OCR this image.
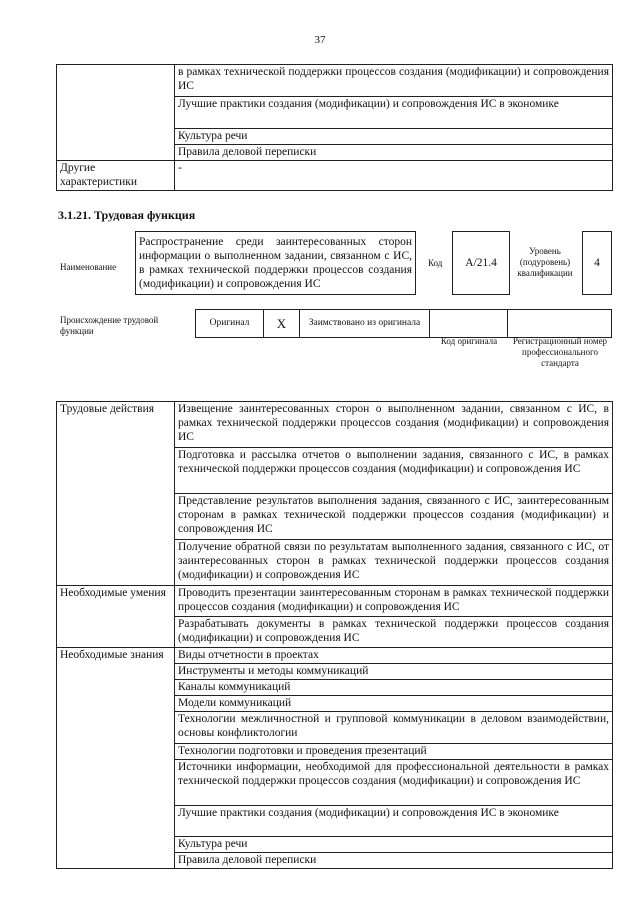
37
	в рамках технической поддержки процессов создания (модификации) и сопровождения ИС
	Лучшие практики создания (модификации) и сопровождения ИС в экономике
	Культура речи
	Правила деловой переписки
Другие характеристики	-
3.1.21. Трудовая функция
Наименование
Распространение среди заинтересованных сторон информации о выполненном задании, связанном с ИС, в рамках технической поддержки процессов создания (модификации) и сопровождения ИС
Код	A/21.4
Уровень (подуровень) квалификации
4
Происхождение трудовой функции
Оригинал	X	Заимствовано из оригинала		
Код оригинала	Регистрационный номер профессионального стандарта
Трудовые действия	Извещение заинтересованных сторон о выполненном задании, связанном с ИС, в рамках технической поддержки процессов создания (модификации) и сопровождения ИС
	Подготовка и рассылка отчетов о выполнении задания, связанного с ИС, в рамках технической поддержки процессов создания (модификации) и сопровождения ИС
	Представление результатов выполнения задания, связанного с ИС, заинтересованным сторонам в рамках технической поддержки процессов создания (модификации) и сопровождения ИС
	Получение обратной связи по результатам выполненного задания, связанного с ИС, от заинтересованных сторон в рамках технической поддержки процессов создания (модификации) и сопровождения ИС
Необходимые умения	Проводить презентации заинтересованным сторонам в рамках технической поддержки процессов создания (модификации) и сопровождения ИС
	Разрабатывать документы в рамках технической поддержки процессов создания (модификации) и сопровождения ИС
Необходимые знания	Виды отчетности в проектах
	Инструменты и методы коммуникаций
	Каналы коммуникаций
	Модели коммуникаций
	Технологии межличностной и групповой коммуникации в деловом взаимодействии, основы конфликтологии
	Технологии подготовки и проведения презентаций
	Источники информации, необходимой для профессиональной деятельности в рамках технической поддержки процессов создания (модификации) и сопровождения ИС
	Лучшие практики создания (модификации) и сопровождения ИС в экономике
	Культура речи
	Правила деловой переписки
